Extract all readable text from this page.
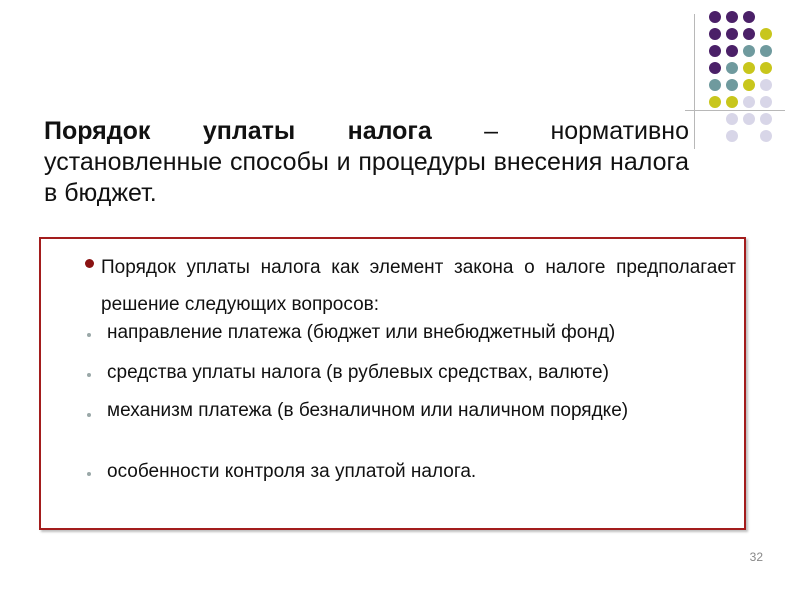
Порядок уплаты налога – нормативно установленные способы и процедуры внесения налога в бюджет.
Порядок уплаты налога как элемент закона о налоге предполагает решение следующих вопросов:
направление платежа (бюджет или внебюджетный фонд)
средства уплаты налога (в рублевых средствах, валюте)
механизм платежа (в безналичном или наличном порядке)
особенности контроля за уплатой налога.
32
